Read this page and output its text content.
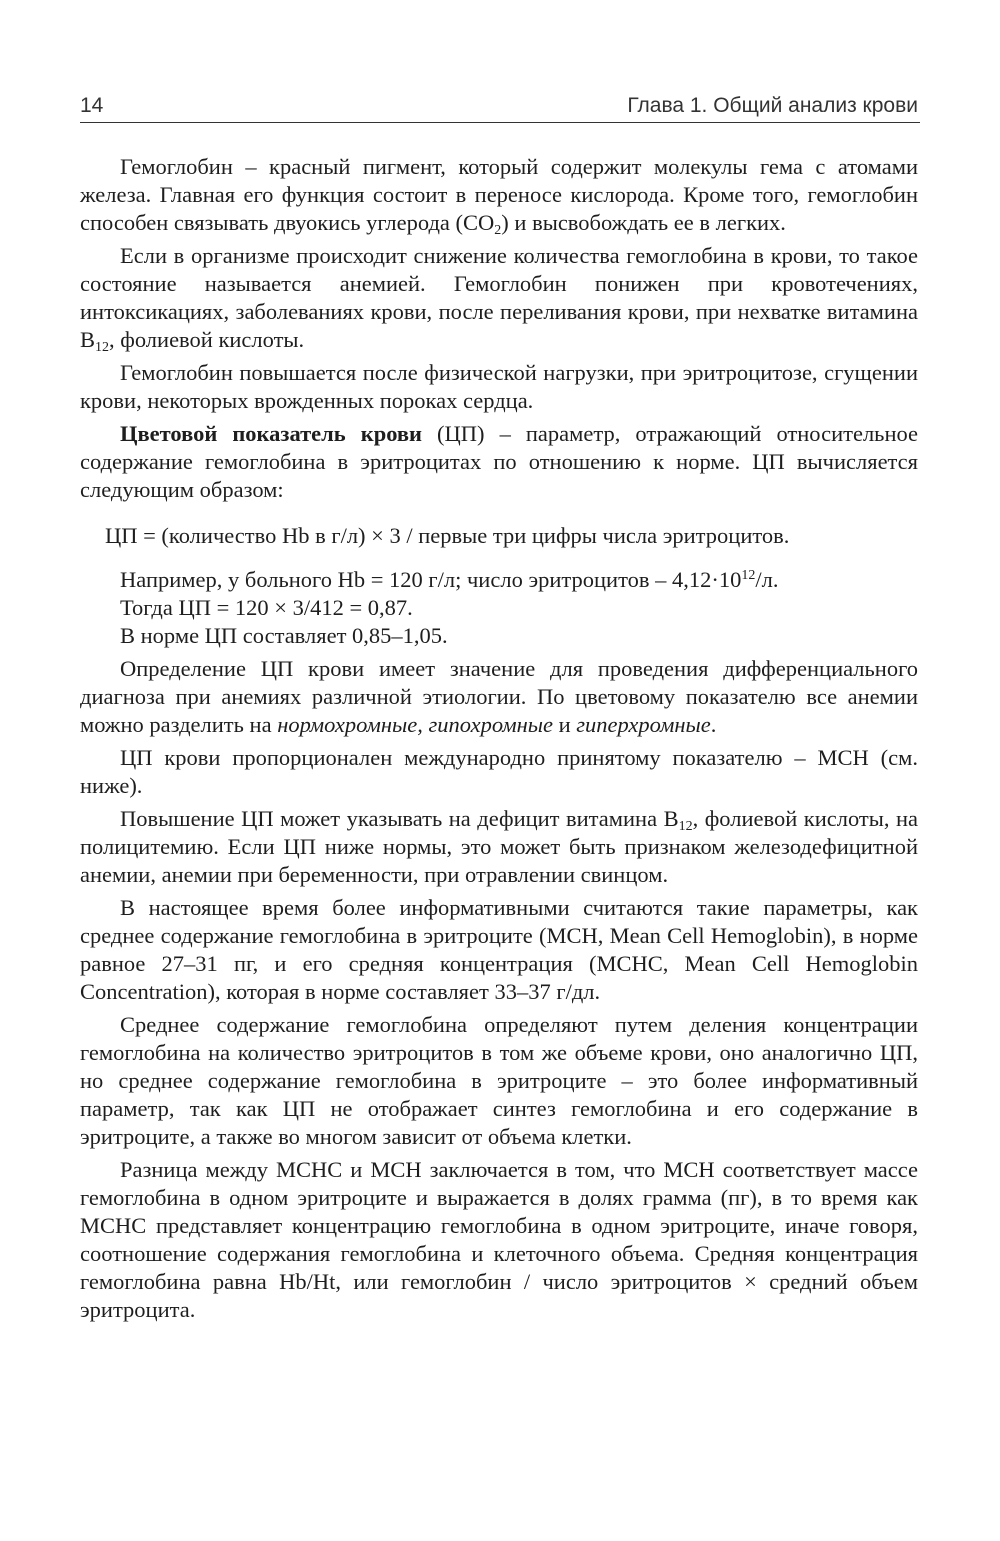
14	Глава 1. Общий анализ крови

Гемоглобин – красный пигмент, который содержит молекулы гема с атомами железа. Главная его функция состоит в переносе кислорода. Кроме того, гемоглобин способен связывать двуокись углерода $(CO_2)$ и высвобождать ее в легких.

Если в организме происходит снижение количества гемоглобина в крови, то такое состояние называется анемией. Гемоглобин понижен при кровотечениях, интоксикациях, заболеваниях крови, после переливания крови, при нехватке витамина $B_{12}$, фолиевой кислоты.

Гемоглобин повышается после физической нагрузки, при эритроцитозе, сгущении крови, некоторых врожденных пороках сердца.

Цветовой показатель крови (ЦП) – параметр, отражающий относительное содержание гемоглобина в эритроцитах по отношению к норме. ЦП вычисляется следующим образом:

ЦП = (количество Hb в г/л) × 3 / первые три цифры числа эритроцитов.

Например, у больного Hb = 120 г/л; число эритроцитов – $4,12\cdot 10^{12}/л$.

Тогда ЦП = 120 × 3/412 = 0,87.

В норме ЦП составляет 0,85–1,05.

Определение ЦП крови имеет значение для проведения дифференциального диагноза при анемиях различной этиологии. По цветовому показателю все анемии можно разделить на нормохромные, гипохромные и гиперхромные.

ЦП крови пропорционален международно принятому показателю – MCH (см. ниже).

Повышение ЦП может указывать на дефицит витамина $B_{12}$, фолиевой кислоты, на полицитемию. Если ЦП ниже нормы, это может быть признаком железодефицитной анемии, анемии при беременности, при отравлении свинцом.

В настоящее время более информативными считаются такие параметры, как среднее содержание гемоглобина в эритроците (MCH, Mean Cell Hemoglobin), в норме равное 27–31 пг, и его средняя концентрация (MCHC, Mean Cell Hemoglobin Concentration), которая в норме составляет 33–37 г/дл.

Среднее содержание гемоглобина определяют путем деления концентрации гемоглобина на количество эритроцитов в том же объеме крови, оно аналогично ЦП, но среднее содержание гемоглобина в эритроците – это более информативный параметр, так как ЦП не отображает синтез гемоглобина и его содержание в эритроците, а также во многом зависит от объема клетки.

Разница между MCHC и MCH заключается в том, что MCH соответствует массе гемоглобина в одном эритроците и выражается в долях грамма (пг), в то время как MCHC представляет концентрацию гемоглобина в одном эритроците, иначе говоря, соотношение содержания гемоглобина и клеточного объема. Средняя концентрация гемоглобина равна Hb/Ht, или гемоглобин / число эритроцитов × средний объем эритроцита.
